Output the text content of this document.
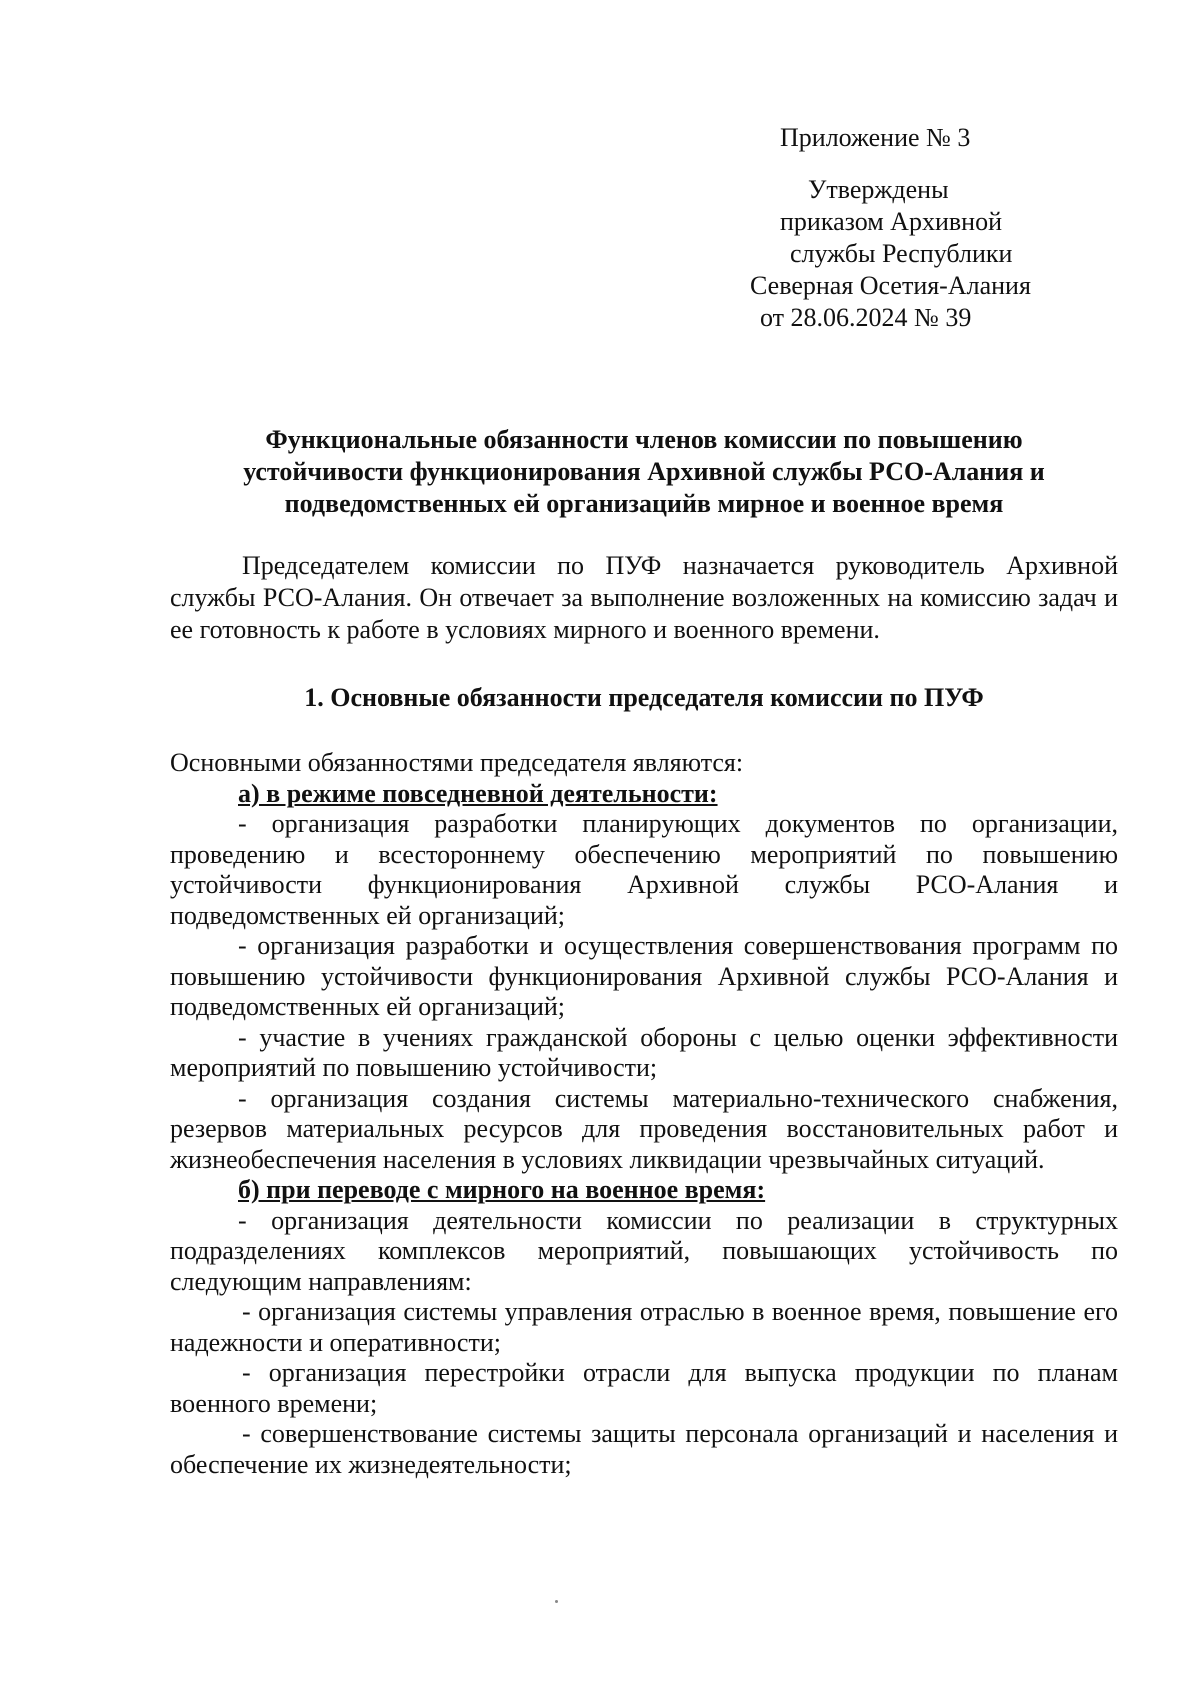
Приложение № 3
Утверждены
приказом Архивной
службы Республики
Северная Осетия-Алания
от 28.06.2024 № 39
Функциональные обязанности членов комиссии по повышению
устойчивости функционирования Архивной службы РСО-Алания и
подведомственных ей организацийв мирное и военное время

Председателем комиссии по ПУФ назначается руководитель Архивной службы РСО-Алания. Он отвечает за выполнение возложенных на комиссию задач и ее готовность к работе в условиях мирного и военного времени.

1. Основные обязанности председателя комиссии по ПУФ

Основными обязанностями председателя являются:

а) в режиме повседневной деятельности:

- организация разработки планирующих документов по организации, проведению и всестороннему обеспечению мероприятий по повышению устойчивости функционирования Архивной службы РСО-Алания и подведомственных ей организаций;

- организация разработки и осуществления совершенствования программ по повышению устойчивости функционирования Архивной службы РСО-Алания и подведомственных ей организаций;

- участие в учениях гражданской обороны с целью оценки эффективности мероприятий по повышению устойчивости;

- организация создания системы материально-технического снабжения, резервов материальных ресурсов для проведения восстановительных работ и жизнеобеспечения населения в условиях ликвидации чрезвычайных ситуаций.

б) при переводе с мирного на военное время:

- организация деятельности комиссии по реализации в структурных подразделениях комплексов мероприятий, повышающих устойчивость по следующим направлениям:

- организация системы управления отраслью в военное время, повышение его надежности и оперативности;

- организация перестройки отрасли для выпуска продукции по планам военного времени;

- совершенствование системы защиты персонала организаций и населения и обеспечение их жизнедеятельности;
